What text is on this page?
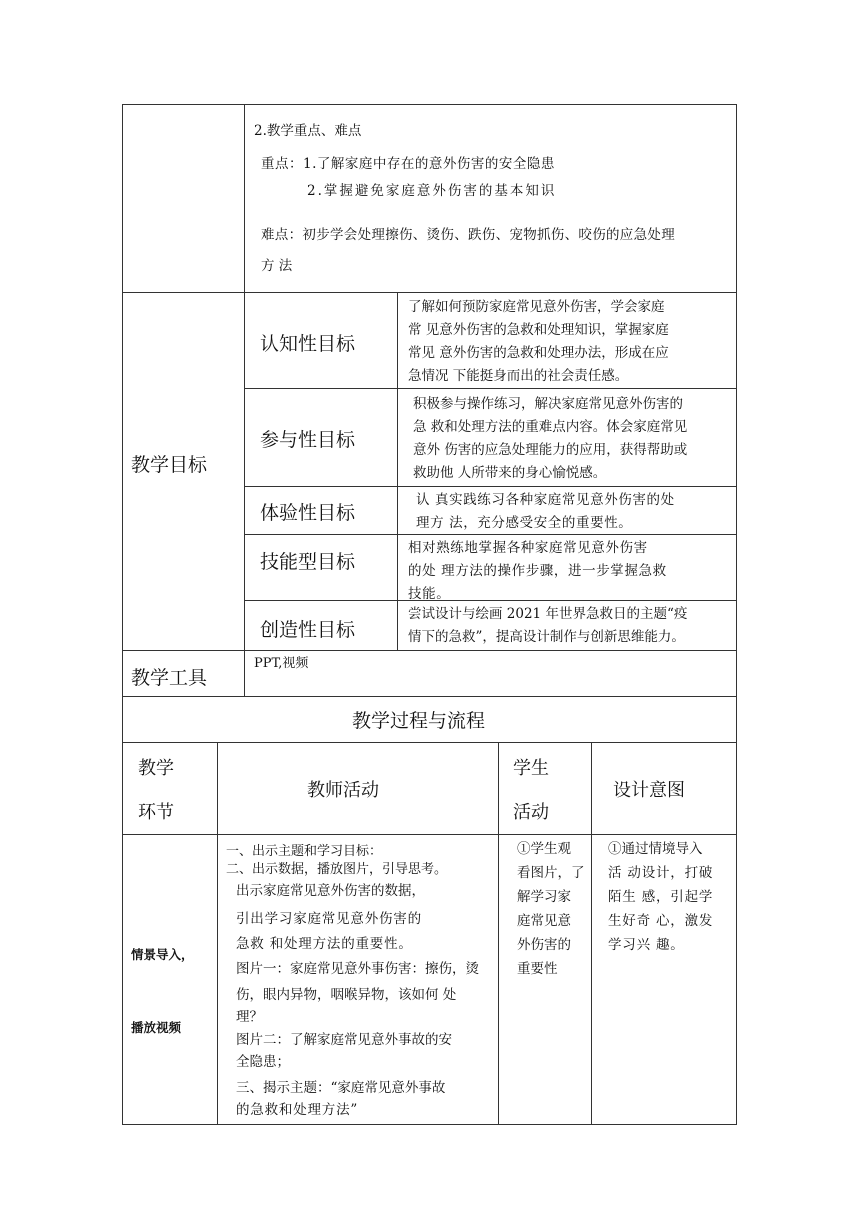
2.教学重点、难点
重点：1.了解家庭中存在的意外伤害的安全隐患
2.掌握避免家庭意外伤害的基本知识
难点：初步学会处理擦伤、烫伤、跌伤、宠物抓伤、咬伤的应急处理
方 法
教学目标
认知性目标
了解如何预防家庭常见意外伤害，学会家庭
常 见意外伤害的急救和处理知识，掌握家庭
常见 意外伤害的急救和处理办法，形成在应
急情况 下能挺身而出的社会责任感。
参与性目标
积极参与操作练习，解决家庭常见意外伤害的
急 救和处理方法的重难点内容。体会家庭常见
意外 伤害的应急处理能力的应用，获得帮助或
救助他 人所带来的身心愉悦感。
体验性目标
认 真实践练习各种家庭常见意外伤害的处
理方 法，充分感受安全的重要性。
技能型目标
相对熟练地掌握各种家庭常见意外伤害
的处 理方法的操作步骤，进一步掌握急救
技能。
创造性目标
尝试设计与绘画 2021 年世界急救日的主题“疫
情下的急救”，提高设计制作与创新思维能力。
教学工具
PPT,视频
教学过程与流程
教学
环节
教师活动
学生
活动
设计意图
情景导入，
播放视频
一、出示主题和学习目标：
二、出示数据，播放图片，引导思考。
出示家庭常见意外伤害的数据，
引出学习家庭常见意外伤害的
急救 和处理方法的重要性。
图片一：家庭常见意外事伤害：擦伤，烫
伤，眼内异物，咽喉异物，该如何 处
理？
图片二：了解家庭常见意外事故的安
全隐患；
三、揭示主题：“家庭常见意外事故
的急救和处理方法”
①学生观
看图片，了
解学习家
庭常见意
外伤害的
重要性
①通过情境导入
活 动设计，打破
陌生 感，引起学
生好奇 心，激发
学习兴 趣。
